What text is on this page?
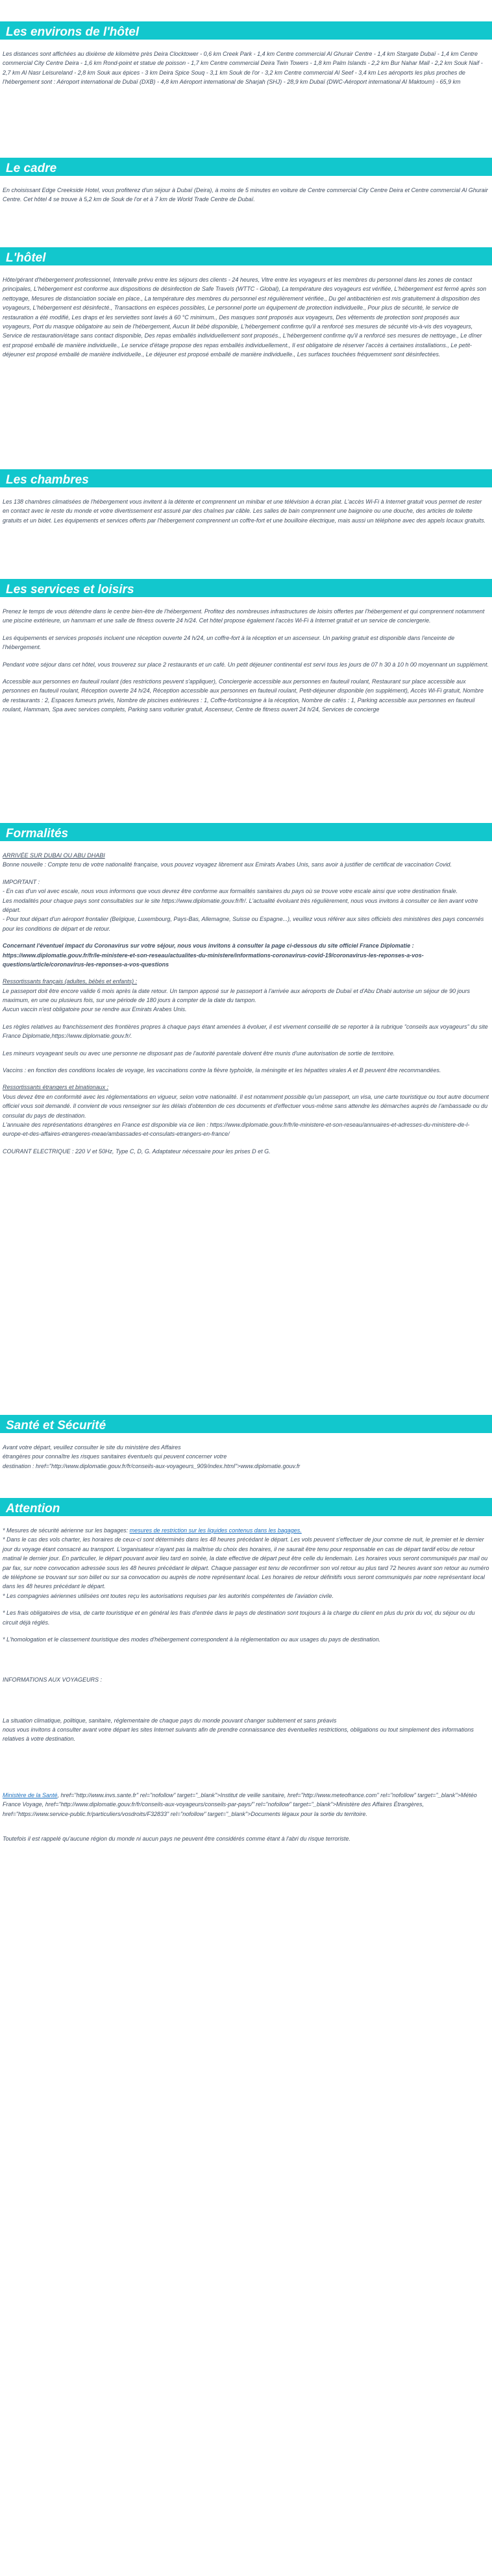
Les environs de l'hôtel

Les distances sont affichées au dixième de kilomètre près Deira Clocktower - 0,6 km Creek Park - 1,4 km Centre commercial Al Ghurair Centre - 1,4 km Stargate Dubaï - 1,4 km Centre commercial City Centre Deira - 1,6 km Rond-point et statue de poisson - 1,7 km Centre commercial Deira Twin Towers - 1,8 km Palm Islands - 2,2 km Bur Nahar Mall - 2,2 km Souk Naif - 2,7 km Al Nasr Leisureland - 2,8 km Souk aux épices - 3 km Deira Spice Souq - 3,1 km Souk de l'or - 3,2 km Centre commercial Al Seef - 3,4 km Les aéroports les plus proches de l'hébergement sont : Aéroport international de Dubaï (DXB) - 4,8 km Aéroport international de Sharjah (SHJ) - 28,9 km Dubaï (DWC-Aéroport international Al Maktoum) - 65,9 km

Le cadre

En choisissant Edge Creekside Hotel, vous profiterez d'un séjour à Dubaï (Deira), à moins de 5 minutes en voiture de Centre commercial City Centre Deira et Centre commercial Al Ghurair Centre. Cet hôtel 4 se trouve à 5,2 km de Souk de l'or et à 7 km de World Trade Centre de Dubaï.

L'hôtel

Hôte/gérant d'hébergement professionnel, Intervalle prévu entre les séjours des clients - 24 heures, Vitre entre les voyageurs et les membres du personnel dans les zones de contact principales, L'hébergement est conforme aux dispositions de désinfection de Safe Travels (WTTC - Global), La température des voyageurs est vérifiée, L'hébergement est fermé après son nettoyage, Mesures de distanciation sociale en place., La température des membres du personnel est régulièrement vérifiée., Du gel antibactérien est mis gratuitement à disposition des voyageurs, L'hébergement est désinfecté., Transactions en espèces possibles, Le personnel porte un équipement de protection individuelle., Pour plus de sécurité, le service de restauration a été modifié, Les draps et les serviettes sont lavés à 60 °C minimum., Des masques sont proposés aux voyageurs, Des vêtements de protection sont proposés aux voyageurs, Port du masque obligatoire au sein de l'hébergement, Aucun lit bébé disponible, L'hébergement confirme qu'il a renforcé ses mesures de sécurité vis-à-vis des voyageurs, Service de restauration/étage sans contact disponible, Des repas emballés individuellement sont proposés., L'hébergement confirme qu'il a renforcé ses mesures de nettoyage., Le dîner est proposé emballé de manière individuelle., Le service d'étage propose des repas emballés individuellement., Il est obligatoire de réserver l'accès à certaines installations., Le petit-déjeuner est proposé emballé de manière individuelle., Le déjeuner est proposé emballé de manière individuelle., Les surfaces touchées fréquemment sont désinfectées.

Les chambres

Les 138 chambres climatisées de l'hébergement vous invitent à la détente et comprennent un minibar et une télévision à écran plat. L'accès Wi-Fi à Internet gratuit vous permet de rester en contact avec le reste du monde et votre divertissement est assuré par des chaînes par câble. Les salles de bain comprennent une baignoire ou une douche, des articles de toilette gratuits et un bidet. Les équipements et services offerts par l'hébergement comprennent un coffre-fort et une bouilloire électrique, mais aussi un téléphone avec des appels locaux gratuits.

Les services et loisirs

Prenez le temps de vous détendre dans le centre bien-être de l'hébergement. Profitez des nombreuses infrastructures de loisirs offertes par l'hébergement et qui comprennent notamment une piscine extérieure, un hammam et une salle de fitness ouverte 24 h/24. Cet hôtel propose également l'accès Wi-Fi à Internet gratuit et un service de conciergerie.

Les équipements et services proposés incluent une réception ouverte 24 h/24, un coffre-fort à la réception et un ascenseur. Un parking gratuit est disponible dans l'enceinte de l'hébergement.

Pendant votre séjour dans cet hôtel, vous trouverez sur place 2 restaurants et un café. Un petit déjeuner continental est servi tous les jours de 07 h 30 à 10 h 00 moyennant un supplément.

Accessible aux personnes en fauteuil roulant (des restrictions peuvent s'appliquer), Conciergerie accessible aux personnes en fauteuil roulant, Restaurant sur place accessible aux personnes en fauteuil roulant, Réception ouverte 24 h/24, Réception accessible aux personnes en fauteuil roulant, Petit-déjeuner disponible (en supplément), Accès Wi-Fi gratuit, Nombre de restaurants : 2, Espaces fumeurs privés, Nombre de piscines extérieures : 1, Coffre-fort/consigne à la réception, Nombre de cafés : 1, Parking accessible aux personnes en fauteuil roulant, Hammam, Spa avec services complets, Parking sans voiturier gratuit, Ascenseur, Centre de fitness ouvert 24 h/24, Services de concierge

Formalités

ARRIVÉE SUR DUBAI OU ABU DHABI

Bonne nouvelle : Compte tenu de votre nationalité française, vous pouvez voyagez librement aux Emirats Arabes Unis, sans avoir à justifier de certificat de vaccination Covid.

IMPORTANT :

- En cas d'un vol avec escale, nous vous informons que vous devrez être conforme aux formalités sanitaires du pays où se trouve votre escale ainsi que votre destination finale.

Les modalités pour chaque pays sont consultables sur le site https://www.diplomatie.gouv.fr/fr/. L'actualité évoluant très régulièrement, nous vous invitons à consulter ce lien avant votre départ.

- Pour tout départ d'un aéroport frontalier (Belgique, Luxembourg, Pays-Bas, Allemagne, Suisse ou Espagne...), veuillez vous référer aux sites officiels des ministères des pays concernés pour les conditions de départ et de retour.

Concernant l'éventuel impact du Coronavirus sur votre séjour, nous vous invitons à consulter la page ci-dessous du site officiel France Diplomatie : https://www.diplomatie.gouv.fr/fr/le-ministere-et-son-reseau/actualites-du-ministere/informations-coronavirus-covid-19/coronavirus-les-reponses-a-vos-questions/article/coronavirus-les-reponses-a-vos-questions

Ressortissants français (adultes, bébés et enfants) :

Le passeport doit être encore valide 6 mois après la date retour. Un tampon apposé sur le passeport à l'arrivée aux aéroports de Dubaï et d'Abu Dhabi autorise un séjour de 90 jours maximum, en une ou plusieurs fois, sur une période de 180 jours à compter de la date du tampon.

Aucun vaccin n'est obligatoire pour se rendre aux Emirats Arabes Unis.

Les règles relatives au franchissement des frontières propres à chaque pays étant amenées à évoluer, il est vivement conseillé de se reporter à la rubrique "conseils aux voyageurs" du site France Diplomatie,https://www.diplomatie.gouv.fr/.

Les mineurs voyageant seuls ou avec une personne ne disposant pas de l'autorité parentale doivent être munis d'une autorisation de sortie de territoire.

Vaccins : en fonction des conditions locales de voyage, les vaccinations contre la fièvre typhoïde, la méningite et les hépatites virales A et B peuvent être recommandées.

Ressortissants étrangers et binationaux :

Vous devez être en conformité avec les réglementations en vigueur, selon votre nationalité. Il est notamment possible qu'un passeport, un visa, une carte touristique ou tout autre document officiel vous soit demandé. Il convient de vous renseigner sur les délais d'obtention de ces documents et d'effectuer vous-même sans attendre les démarches auprès de l'ambassade ou du consulat du pays de destination.

L'annuaire des représentations étrangères en France est disponible via ce lien : https://www.diplomatie.gouv.fr/fr/le-ministere-et-son-reseau/annuaires-et-adresses-du-ministere-de-l-europe-et-des-affaires-etrangeres-meae/ambassades-et-consulats-etrangers-en-france/

COURANT ELECTRIQUE : 220 V et 50Hz, Type C, D, G. Adaptateur nécessaire pour les prises D et G.

Santé et Sécurité

Avant votre départ, veuillez consulter le site du ministère des Affaires

étrangères pour connaître les risques sanitaires éventuels qui peuvent concerner votre

destination : href="http://www.diplomatie.gouv.fr/fr/conseils-aux-voyageurs_909/index.html">www.diplomatie.gouv.fr

Attention

* Mesures de sécurité aérienne sur les bagages: mesures de restriction sur les liquides contenus dans les bagages.

* Dans le cas des vols charter, les horaires de ceux-ci sont déterminés dans les 48 heures précédant le départ. Les vols peuvent s'effectuer de jour comme de nuit, le premier et le dernier jour du voyage étant consacré au transport. L'organisateur n'ayant pas la maîtrise du choix des horaires, il ne saurait être tenu pour responsable en cas de départ tardif et/ou de retour matinal le dernier jour. En particulier, le départ pouvant avoir lieu tard en soirée, la date effective de départ peut être celle du lendemain. Les horaires vous seront communiqués par mail ou par fax, sur notre convocation adressée sous les 48 heures précédant le départ. Chaque passager est tenu de reconfirmer son vol retour au plus tard 72 heures avant son retour au numéro de téléphone se trouvant sur son billet ou sur sa convocation ou auprès de notre représentant local. Les horaires de retour définitifs vous seront communiqués par notre représentant local dans les 48 heures précédant le départ.

* Les compagnies aériennes utilisées ont toutes reçu les autorisations requises par les autorités compétentes de l'aviation civile.

* Les frais obligatoires de visa, de carte touristique et en général les frais d'entrée dans le pays de destination sont toujours à la charge du client en plus du prix du vol, du séjour ou du circuit déjà réglés.

* L'homologation et le classement touristique des modes d'hébergement correspondent à la réglementation ou aux usages du pays de destination.

INFORMATIONS AUX VOYAGEURS :

La situation climatique, politique, sanitaire, réglementaire de chaque pays du monde pouvant changer subitement et sans préavis

nous vous invitons à consulter avant votre départ les sites Internet suivants afin de prendre connaissance des éventuelles restrictions, obligations ou tout simplement des informations relatives à votre destination.

Ministère de la Santé, href="http://www.invs.sante.fr" rel="nofollow" target="_blank">Institut de veille sanitaire, href="http://www.meteofrance.com" rel="nofollow" target="_blank">Météo France Voyage, href="http://www.diplomatie.gouv.fr/fr/conseils-aux-voyageurs/conseils-par-pays/" rel="nofollow" target="_blank">Ministère des Affaires Étrangères, href="https://www.service-public.fr/particuliers/vosdroits/F32833" rel="nofollow" target="_blank">Documents légaux pour la sortie du territoire.

Toutefois il est rappelé qu'aucune région du monde ni aucun pays ne peuvent être considérés comme étant à l'abri du risque terroriste.
